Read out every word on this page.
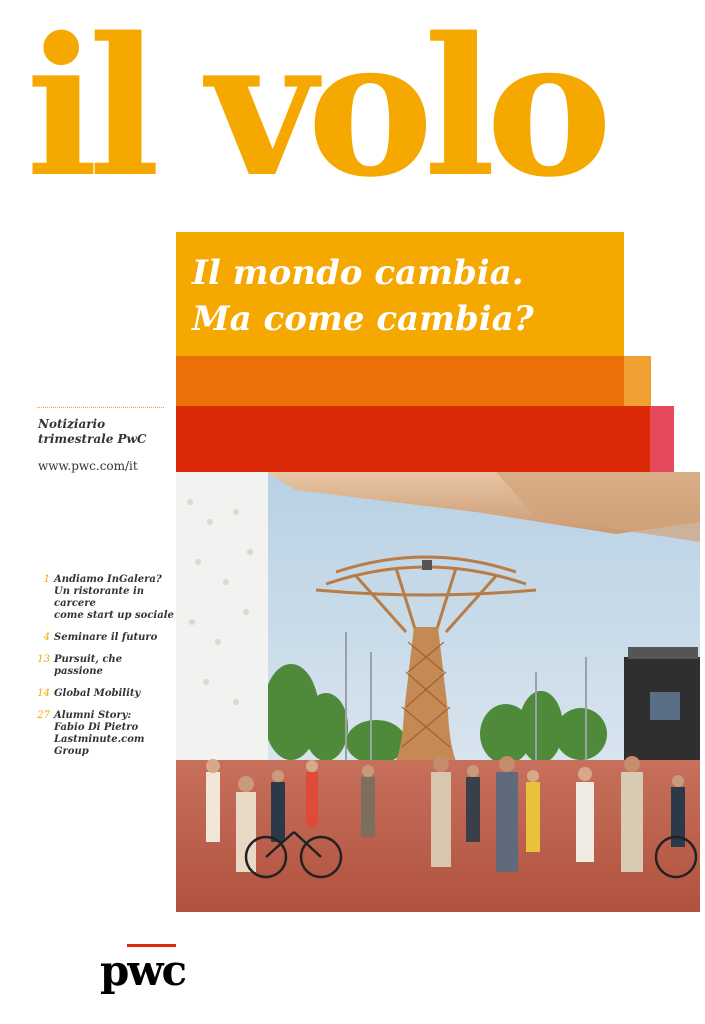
il volo
Il mondo cambia.
Ma come cambia?
Notiziario trimestrale PwC
www.pwc.com/it
1 Andiamo InGalera?
Un ristorante in carcere
come start up sociale
4 Seminare il futuro
13 Pursuit, che passione
14 Global Mobility
27 Alumni Story:
Fabio Di Pietro
Lastminute.com Group
pwc
